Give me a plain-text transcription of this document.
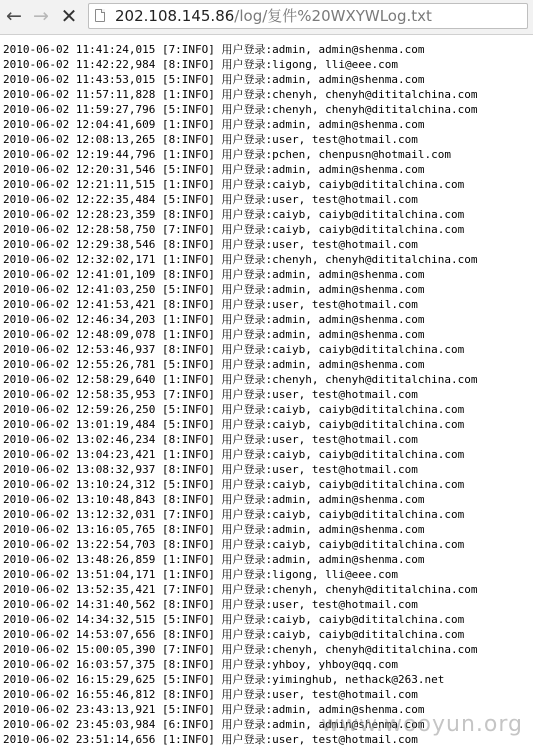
← → ✕	202.108.145.86/log/复件%20WXYWLog.txt
2010-06-02 11:41:24,015 [7:INFO] 用户登录:admin, admin@shenma.com
2010-06-02 11:42:22,984 [8:INFO] 用户登录:ligong, lli@eee.com
2010-06-02 11:43:53,015 [5:INFO] 用户登录:admin, admin@shenma.com
2010-06-02 11:57:11,828 [1:INFO] 用户登录:chenyh, chenyh@dititalchina.com
2010-06-02 11:59:27,796 [5:INFO] 用户登录:chenyh, chenyh@dititalchina.com
2010-06-02 12:04:41,609 [1:INFO] 用户登录:admin, admin@shenma.com
2010-06-02 12:08:13,265 [8:INFO] 用户登录:user, test@hotmail.com
2010-06-02 12:19:44,796 [1:INFO] 用户登录:pchen, chenpusn@hotmail.com
2010-06-02 12:20:31,546 [5:INFO] 用户登录:admin, admin@shenma.com
2010-06-02 12:21:11,515 [1:INFO] 用户登录:caiyb, caiyb@dititalchina.com
2010-06-02 12:22:35,484 [5:INFO] 用户登录:user, test@hotmail.com
2010-06-02 12:28:23,359 [8:INFO] 用户登录:caiyb, caiyb@dititalchina.com
2010-06-02 12:28:58,750 [7:INFO] 用户登录:caiyb, caiyb@dititalchina.com
2010-06-02 12:29:38,546 [8:INFO] 用户登录:user, test@hotmail.com
2010-06-02 12:32:02,171 [1:INFO] 用户登录:chenyh, chenyh@dititalchina.com
2010-06-02 12:41:01,109 [8:INFO] 用户登录:admin, admin@shenma.com
2010-06-02 12:41:03,250 [5:INFO] 用户登录:admin, admin@shenma.com
2010-06-02 12:41:53,421 [8:INFO] 用户登录:user, test@hotmail.com
2010-06-02 12:46:34,203 [1:INFO] 用户登录:admin, admin@shenma.com
2010-06-02 12:48:09,078 [1:INFO] 用户登录:admin, admin@shenma.com
2010-06-02 12:53:46,937 [8:INFO] 用户登录:caiyb, caiyb@dititalchina.com
2010-06-02 12:55:26,781 [5:INFO] 用户登录:admin, admin@shenma.com
2010-06-02 12:58:29,640 [1:INFO] 用户登录:chenyh, chenyh@dititalchina.com
2010-06-02 12:58:35,953 [7:INFO] 用户登录:user, test@hotmail.com
2010-06-02 12:59:26,250 [5:INFO] 用户登录:caiyb, caiyb@dititalchina.com
2010-06-02 13:01:19,484 [5:INFO] 用户登录:caiyb, caiyb@dititalchina.com
2010-06-02 13:02:46,234 [8:INFO] 用户登录:user, test@hotmail.com
2010-06-02 13:04:23,421 [1:INFO] 用户登录:caiyb, caiyb@dititalchina.com
2010-06-02 13:08:32,937 [8:INFO] 用户登录:user, test@hotmail.com
2010-06-02 13:10:24,312 [5:INFO] 用户登录:caiyb, caiyb@dititalchina.com
2010-06-02 13:10:48,843 [8:INFO] 用户登录:admin, admin@shenma.com
2010-06-02 13:12:32,031 [7:INFO] 用户登录:caiyb, caiyb@dititalchina.com
2010-06-02 13:16:05,765 [8:INFO] 用户登录:admin, admin@shenma.com
2010-06-02 13:22:54,703 [8:INFO] 用户登录:caiyb, caiyb@dititalchina.com
2010-06-02 13:48:26,859 [1:INFO] 用户登录:admin, admin@shenma.com
2010-06-02 13:51:04,171 [1:INFO] 用户登录:ligong, lli@eee.com
2010-06-02 13:52:35,421 [7:INFO] 用户登录:chenyh, chenyh@dititalchina.com
2010-06-02 14:31:40,562 [8:INFO] 用户登录:user, test@hotmail.com
2010-06-02 14:34:32,515 [5:INFO] 用户登录:caiyb, caiyb@dititalchina.com
2010-06-02 14:53:07,656 [8:INFO] 用户登录:caiyb, caiyb@dititalchina.com
2010-06-02 15:00:05,390 [7:INFO] 用户登录:chenyh, chenyh@dititalchina.com
2010-06-02 16:03:57,375 [8:INFO] 用户登录:yhboy, yhboy@qq.com
2010-06-02 16:15:29,625 [5:INFO] 用户登录:yiminghub, nethack@263.net
2010-06-02 16:55:46,812 [8:INFO] 用户登录:user, test@hotmail.com
2010-06-02 23:43:13,921 [5:INFO] 用户登录:admin, admin@shenma.com
2010-06-02 23:45:03,984 [6:INFO] 用户登录:admin, admin@shenma.com
2010-06-02 23:51:14,656 [1:INFO] 用户登录:user, test@hotmail.com
www.wooyun.org
